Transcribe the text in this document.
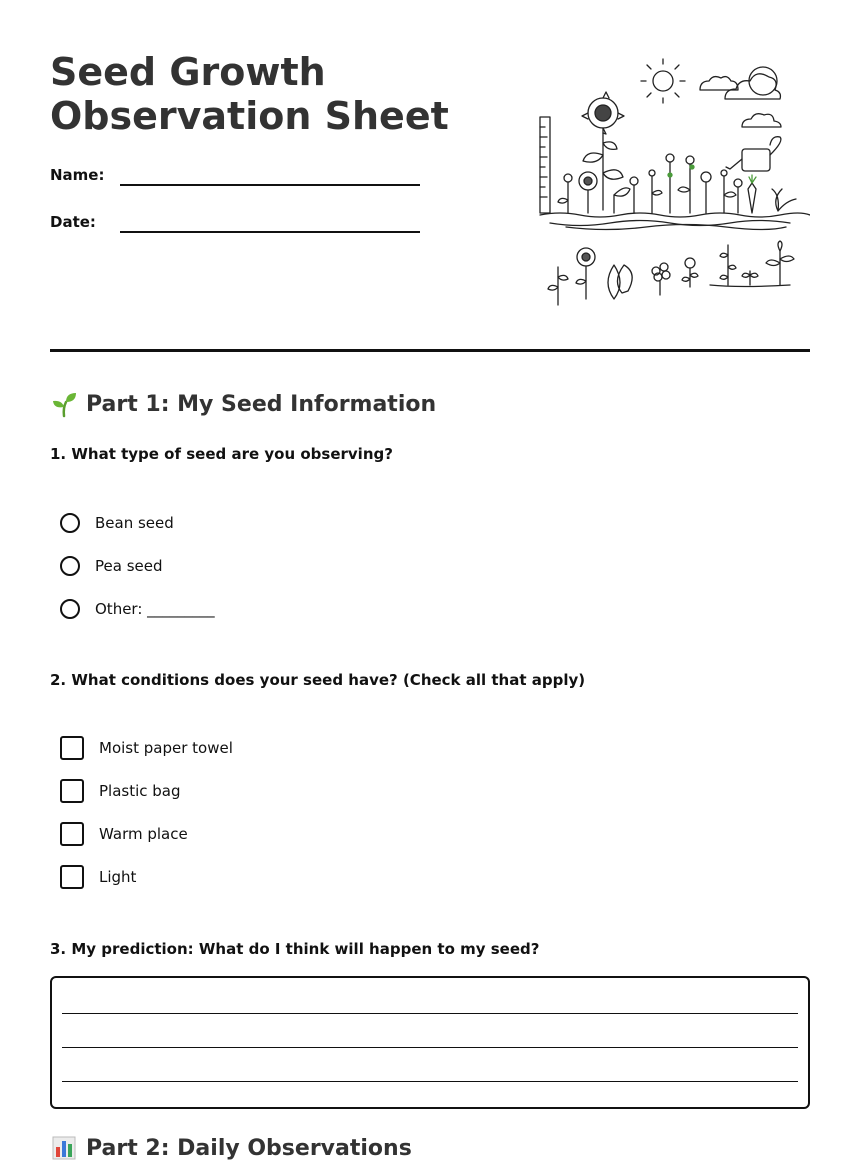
Seed Growth
Observation Sheet
Name:
Date:
Part 1: My Seed Information

1. What type of seed are you observing?

Bean seed
Pea seed
Other: _________

2. What conditions does your seed have? (Check all that apply)

Moist paper towel
Plastic bag
Warm place
Light

3. My prediction: What do I think will happen to my seed?

Part 2: Daily Observations
